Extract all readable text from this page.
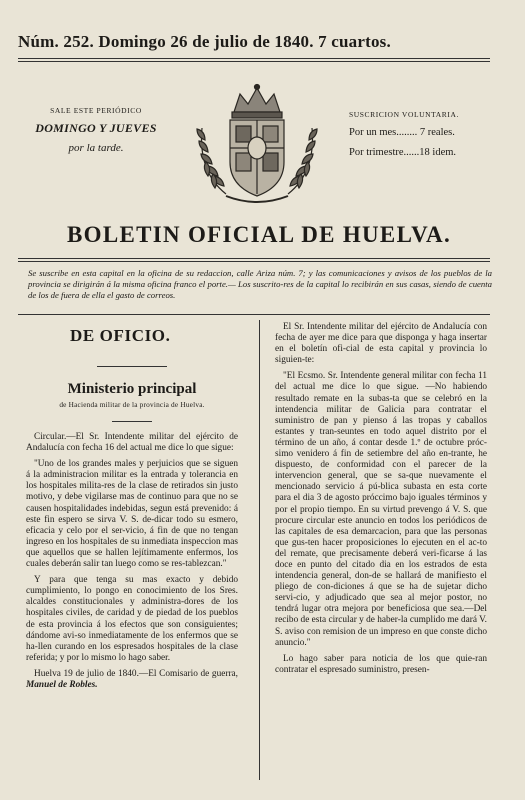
Núm. 252. Domingo 26 de julio de 1840. 7 cuartos.
SALE ESTE PERIÓDICO
DOMINGO Y JUEVES
por la tarde.
SUSCRICION VOLUNTARIA.
Por un mes........ 7 reales.
Por trimestre......18 idem.
BOLETIN OFICIAL DE HUELVA.
Se suscribe en esta capital en la oficina de su redaccion, calle Ariza núm. 7; y las comunicaciones y avisos de los pueblos de la provincia se dirigirán á la misma oficina franco el porte.— Los suscrito-res de la capital lo recibirán en sus casas, siendo de cuenta de los de fuera de ella el gasto de correos.
DE OFICIO.
Ministerio principal
de Hacienda militar de la provincia de Huelva.

Circular.—El Sr. Intendente militar del ejército de Andalucía con fecha 16 del actual me dice lo que sigue:

"Uno de los grandes males y perjuicios que se siguen á la administracion militar es la entrada y tolerancia en los hospitales milita-res de la clase de retirados sin justo motivo, y debe vigilarse mas de continuo para que no se causen hospitalidades indebidas, segun está prevenido: á este fin espero se sirva V. S. de-dicar todo su esmero, eficacia y celo por el ser-vicio, á fin de que no tengan ingreso en los hospitales de su inmediata inspeccion mas que aquellos que se hallen lejítimamente enfermos, los cuales deberán salir tan luego como se res-tablezcan."

Y para que tenga su mas exacto y debido cumplimiento, lo pongo en conocimiento de los Sres. alcaldes constitucionales y administra-dores de los hospitales civiles, de caridad y de piedad de los pueblos de esta provincia á los efectos que son consiguientes; dándome avi-so inmediatamente de los enfermos que se ha-llen curando en los espresados hospitales de la clase referida; y por lo mismo lo hago saber.

Huelva 19 de julio de 1840.—El Comisario de guerra, Manuel de Robles.

El Sr. Intendente militar del ejército de Andalucía con fecha de ayer me dice para que disponga y haga insertar en el boletín ofi-cial de esta capital y provincia lo siguien-te:

"El Ecsmo. Sr. Intendente general militar con fecha 11 del actual me dice lo que sigue. —No habiendo resultado remate en la subas-ta que se celebró en la intendencia militar de Galicia para contratar el suministro de pan y pienso á las tropas y caballos estantes y tran-seuntes en todo aquel distrito por el término de un año, á contar desde 1.º de octubre próc-simo venidero á fin de setiembre del año en-trante, he dispuesto, de conformidad con el parecer de la intervencion general, que se sa-que nuevamente el mencionado servicio á pú-blica subasta en esta corte para el dia 3 de agosto próccimo bajo iguales términos y por el propio tiempo. En su virtud prevengo á V. S. que procure circular este anuncio en todos los periódicos de las capitales de esa demarcacion, para que las personas que gus-ten hacer proposiciones lo ejecuten en el ac-to del remate, que precisamente deberá veri-ficarse á las doce en punto del citado dia en los estrados de esta intendencia general, don-de se hallará de manifiesto el pliego de con-diciones á que se ha de sujetar dicho servi-cio, y adjudicado que sea al mejor postor, no tendrá lugar otra mejora por beneficiosa que sea.—Del recibo de esta circular y de haber-la cumplido me dará V. S. aviso con remision de un impreso en que conste dicho anuncio."

Lo hago saber para noticia de los que quie-ran contratar el espresado suministro, presen-
